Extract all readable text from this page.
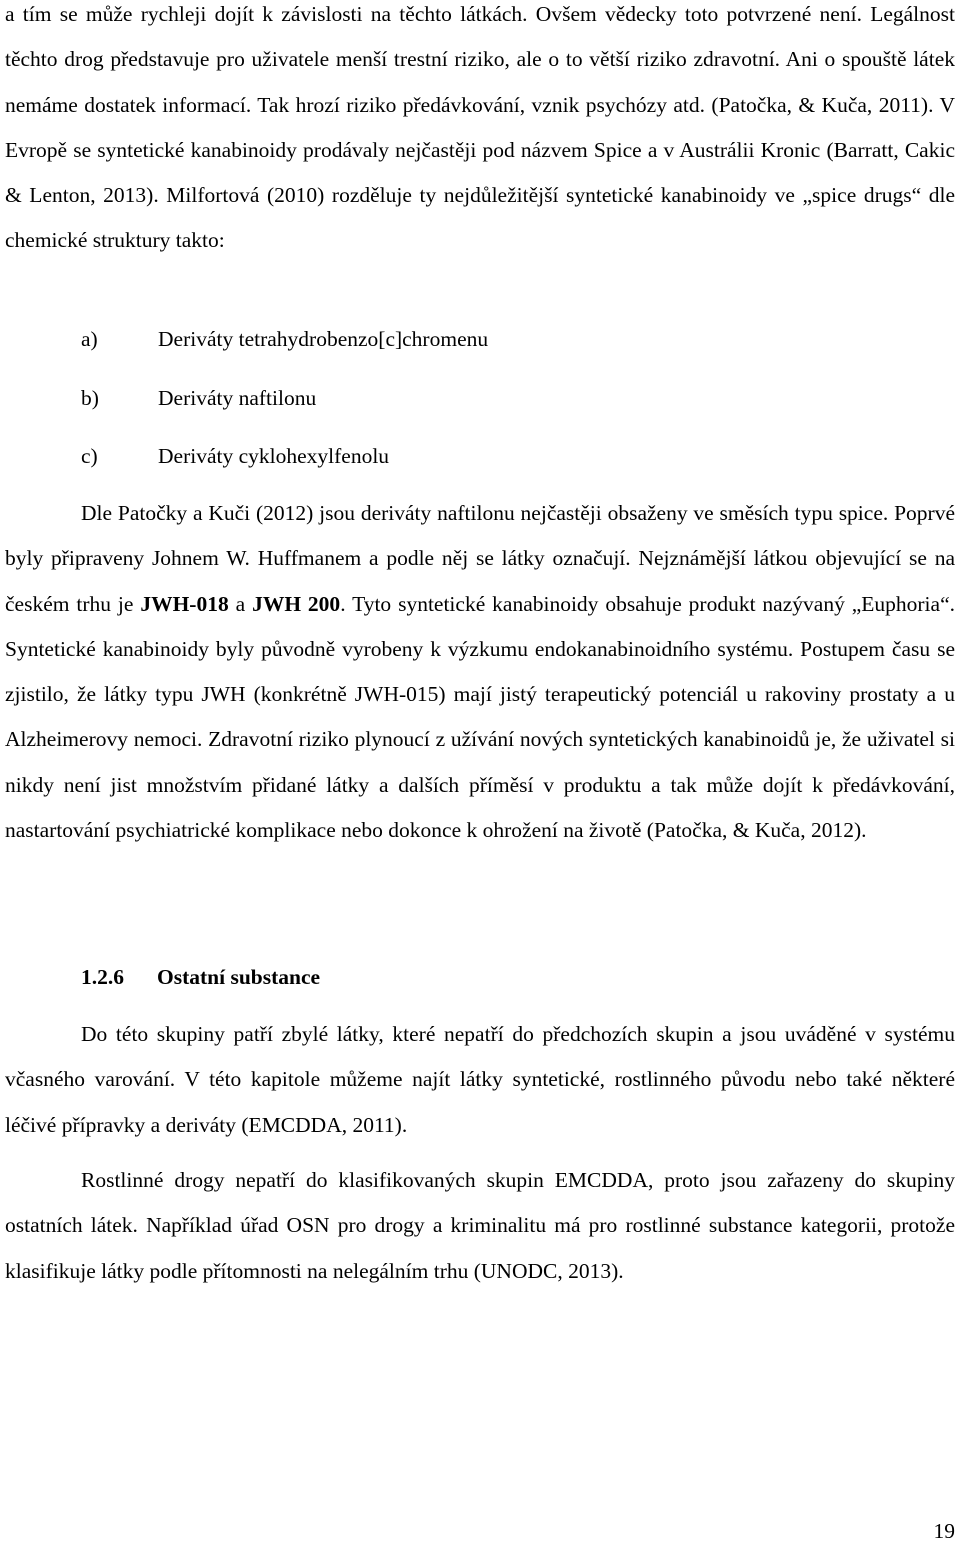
a tím se může rychleji dojít k závislosti na těchto látkách. Ovšem vědecky toto potvrzené není. Legálnost těchto drog představuje pro uživatele menší trestní riziko, ale o to větší riziko zdravotní. Ani o spouště látek nemáme dostatek informací. Tak hrozí riziko předávkování, vznik psychózy atd. (Patočka, & Kuča, 2011). V Evropě se syntetické kanabinoidy prodávaly nejčastěji pod názvem Spice a v Austrálii Kronic (Barratt, Cakic & Lenton, 2013). Milfortová (2010) rozděluje ty nejdůležitější syntetické kanabinoidy ve „spice drugs“ dle chemické struktury takto:

a)	Deriváty tetrahydrobenzo[c]chromenu
b)	Deriváty naftilonu
c)	Deriváty cyklohexylfenolu

Dle Patočky a Kuči (2012) jsou deriváty naftilonu nejčastěji obsaženy ve směsích typu spice. Poprvé byly připraveny Johnem W. Huffmanem a podle něj se látky označují. Nejznámější látkou objevující se na českém trhu je JWH-018 a JWH 200. Tyto syntetické kanabinoidy obsahuje produkt nazývaný „Euphoria“. Syntetické kanabinoidy byly původně vyrobeny k výzkumu endokanabinoidního systému. Postupem času se zjistilo, že látky typu JWH (konkrétně JWH-015) mají jistý terapeutický potenciál u rakoviny prostaty a u Alzheimerovy nemoci. Zdravotní riziko plynoucí z užívání nových syntetických kanabinoidů je, že uživatel si nikdy není jist množstvím přidané látky a dalších příměsí v produktu a tak může dojít k předávkování, nastartování psychiatrické komplikace nebo dokonce k ohrožení na životě (Patočka, & Kuča, 2012).

1.2.6 Ostatní substance

Do této skupiny patří zbylé látky, které nepatří do předchozích skupin a jsou uváděné v systému včasného varování. V této kapitole můžeme najít látky syntetické, rostlinného původu nebo také některé léčivé přípravky a deriváty (EMCDDA, 2011).

Rostlinné drogy nepatří do klasifikovaných skupin EMCDDA, proto jsou zařazeny do skupiny ostatních látek. Například úřad OSN pro drogy a kriminalitu má pro rostlinné substance kategorii, protože klasifikuje látky podle přítomnosti na nelegálním trhu (UNODC, 2013).

19
